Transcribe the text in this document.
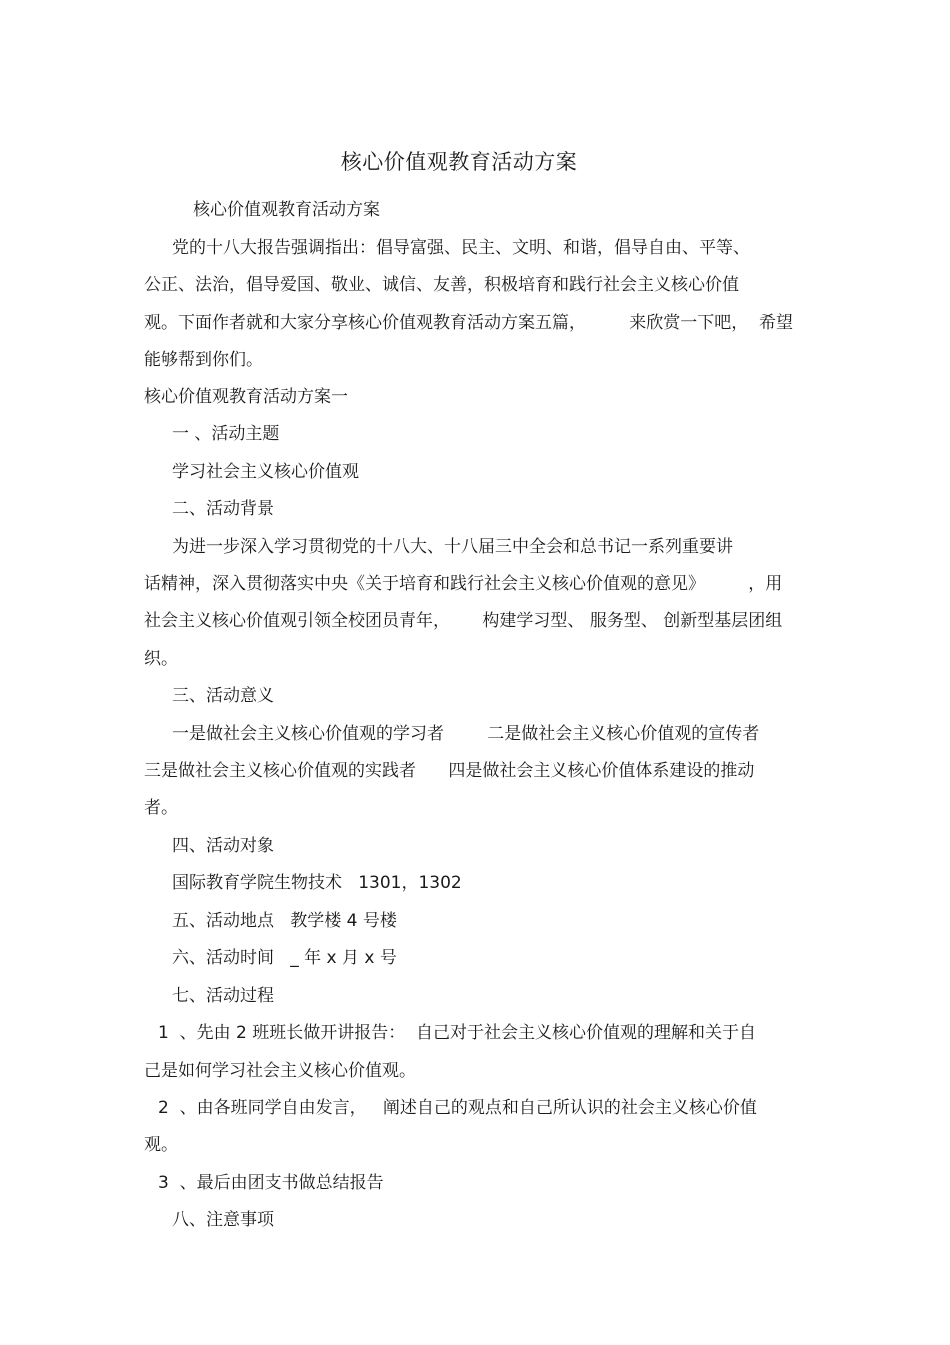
核心价值观教育活动方案
核心价值观教育活动方案
党的十八大报告强调指出：倡导富强、民主、文明、和谐，倡导自由、平等、
公正、法治，倡导爱国、敬业、诚信、友善，积极培育和践行社会主义核心价值
观。下面作者就和大家分享核心价值观教育活动方案五篇，        来欣赏一下吧，  希望
能够帮到你们。
核心价值观教育活动方案一
一 、活动主题
学习社会主义核心价值观
二、活动背景
为进一步深入学习贯彻党的十八大、十八届三中全会和总书记一系列重要讲
话精神，深入贯彻落实中央《关于培育和践行社会主义核心价值观的意见》        ，用
社会主义核心价值观引领全校团员青年，      构建学习型、 服务型、 创新型基层团组
织。
三、活动意义
一是做社会主义核心价值观的学习者        二是做社会主义核心价值观的宣传者
三是做社会主义核心价值观的实践者      四是做社会主义核心价值体系建设的推动
者。
四、活动对象
国际教育学院生物技术   1301，1302
五、活动地点   教学楼 4 号楼
六、活动时间   _ 年 x 月 x 号
七、活动过程
1  、先由 2 班班长做开讲报告：  自己对于社会主义核心价值观的理解和关于自
己是如何学习社会主义核心价值观。
2  、由各班同学自由发言，   阐述自己的观点和自己所认识的社会主义核心价值
观。
3  、最后由团支书做总结报告
八、注意事项
